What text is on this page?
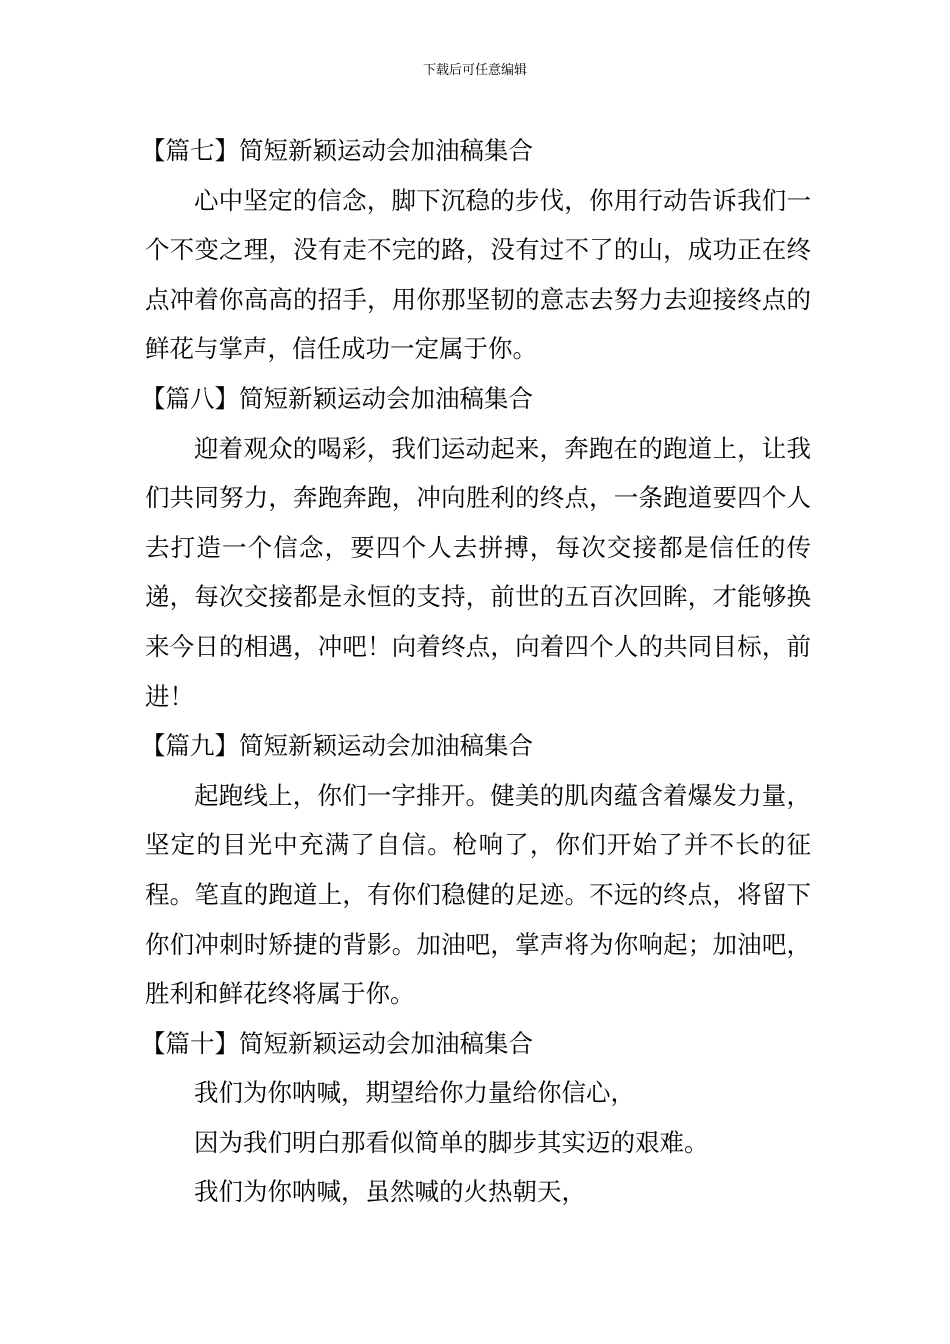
下载后可任意编辑
【篇七】简短新颖运动会加油稿集合

心中坚定的信念，脚下沉稳的步伐，你用行动告诉我们一个不变之理，没有走不完的路，没有过不了的山，成功正在终点冲着你高高的招手，用你那坚韧的意志去努力去迎接终点的鲜花与掌声，信任成功一定属于你。

【篇八】简短新颖运动会加油稿集合

迎着观众的喝彩，我们运动起来，奔跑在的跑道上，让我们共同努力，奔跑奔跑，冲向胜利的终点，一条跑道要四个人去打造一个信念，要四个人去拼搏，每次交接都是信任的传递，每次交接都是永恒的支持，前世的五百次回眸，才能够换来今日的相遇，冲吧！向着终点，向着四个人的共同目标，前进！

【篇九】简短新颖运动会加油稿集合

起跑线上，你们一字排开。健美的肌肉蕴含着爆发力量，坚定的目光中充满了自信。枪响了，你们开始了并不长的征程。笔直的跑道上，有你们稳健的足迹。不远的终点，将留下你们冲刺时矫捷的背影。加油吧，掌声将为你响起；加油吧，胜利和鲜花终将属于你。

【篇十】简短新颖运动会加油稿集合
我们为你呐喊，期望给你力量给你信心，
因为我们明白那看似简单的脚步其实迈的艰难。
我们为你呐喊，虽然喊的火热朝天，
